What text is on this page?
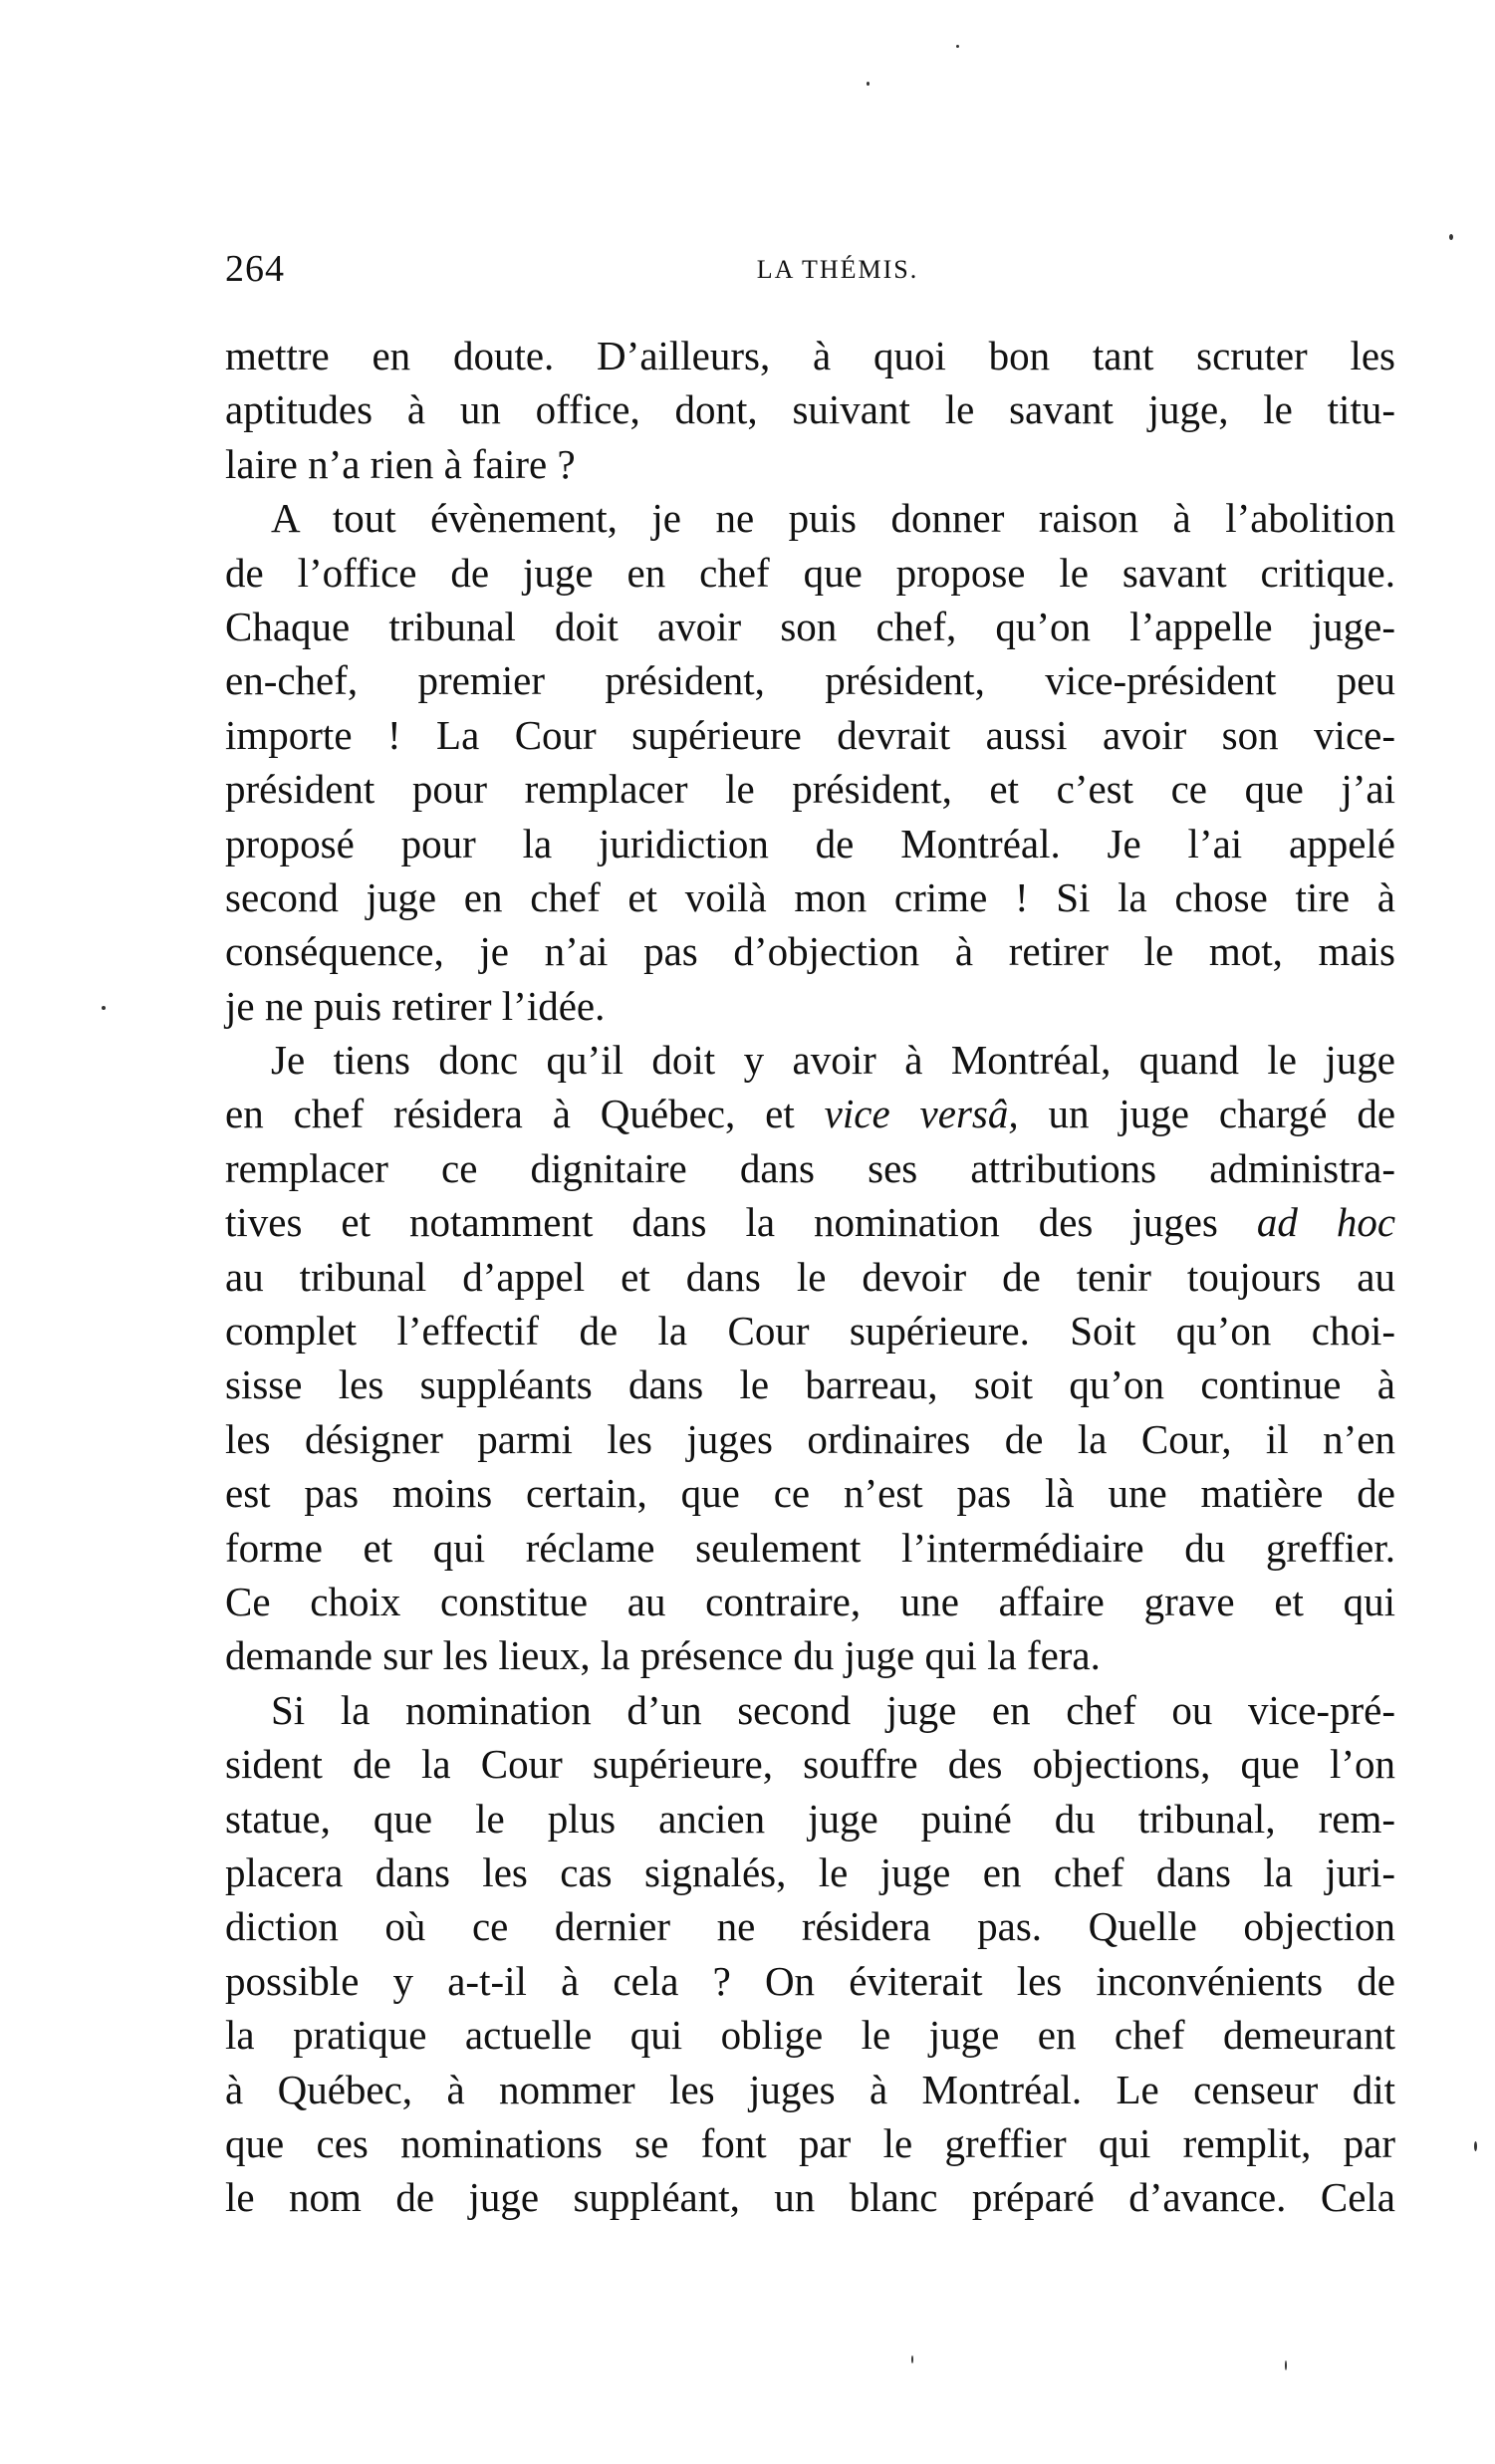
264	LA THÉMIS.
mettre en doute. D’ailleurs, à quoi bon tant scruter les
aptitudes à un office, dont, suivant le savant juge, le titu-
laire n’a rien à faire ?
A tout évènement, je ne puis donner raison à l’abolition
de l’office de juge en chef que propose le savant critique.
Chaque tribunal doit avoir son chef, qu’on l’appelle juge-
en-chef, premier président, président, vice-président peu
importe ! La Cour supérieure devrait aussi avoir son vice-
président pour remplacer le président, et c’est ce que j’ai
proposé pour la juridiction de Montréal. Je l’ai appelé
second juge en chef et voilà mon crime ! Si la chose tire à
conséquence, je n’ai pas d’objection à retirer le mot, mais
je ne puis retirer l’idée.
Je tiens donc qu’il doit y avoir à Montréal, quand le juge
en chef résidera à Québec, et vice versâ, un juge chargé de
remplacer ce dignitaire dans ses attributions administra-
tives et notamment dans la nomination des juges ad hoc
au tribunal d’appel et dans le devoir de tenir toujours au
complet l’effectif de la Cour supérieure. Soit qu’on choi-
sisse les suppléants dans le barreau, soit qu’on continue à
les désigner parmi les juges ordinaires de la Cour, il n’en
est pas moins certain, que ce n’est pas là une matière de
forme et qui réclame seulement l’intermédiaire du greffier.
Ce choix constitue au contraire, une affaire grave et qui
demande sur les lieux, la présence du juge qui la fera.
Si la nomination d’un second juge en chef ou vice-pré-
sident de la Cour supérieure, souffre des objections, que l’on
statue, que le plus ancien juge puiné du tribunal, rem-
placera dans les cas signalés, le juge en chef dans la juri-
diction où ce dernier ne résidera pas. Quelle objection
possible y a-t-il à cela ? On éviterait les inconvénients de
la pratique actuelle qui oblige le juge en chef demeurant
à Québec, à nommer les juges à Montréal. Le censeur dit
que ces nominations se font par le greffier qui remplit, par
le nom de juge suppléant, un blanc préparé d’avance. Cela
